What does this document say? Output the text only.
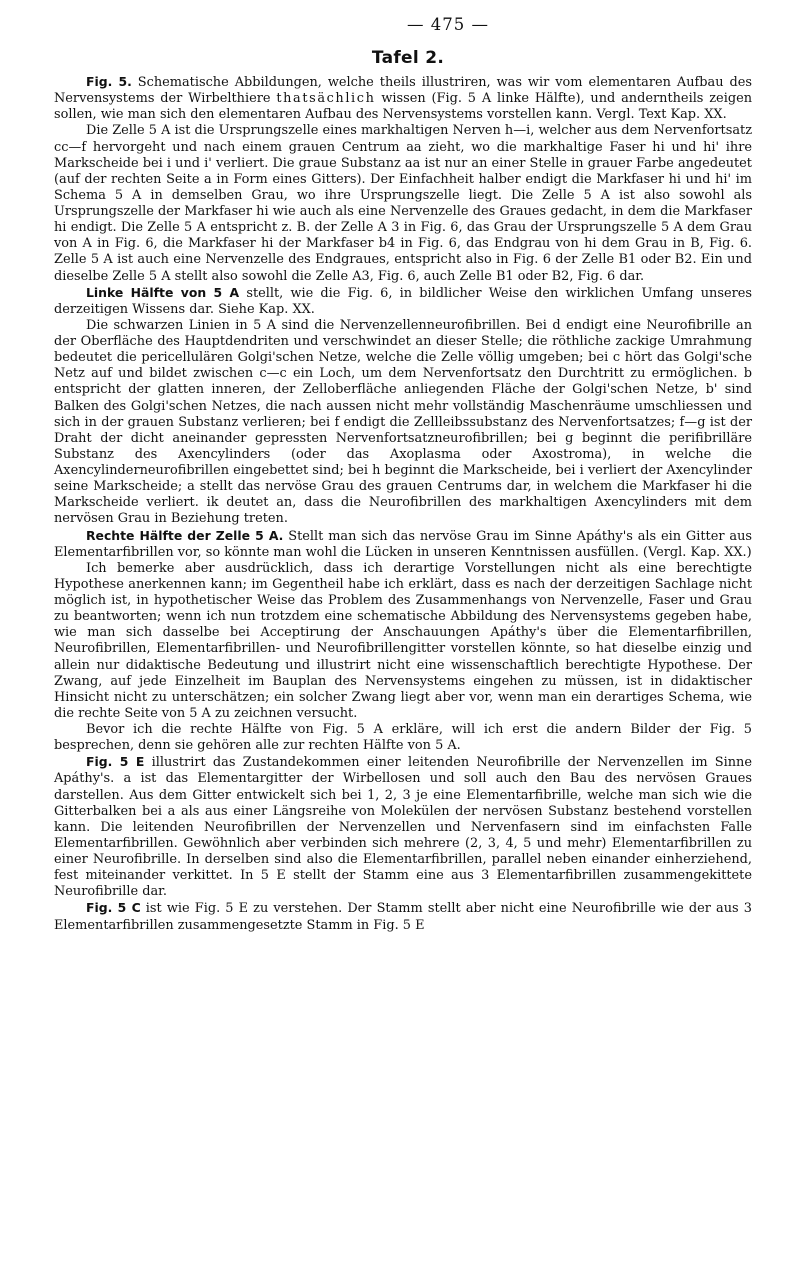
— 475 —
Tafel 2.

Fig. 5. Schematische Abbildungen, welche theils illustriren, was wir vom elementaren Aufbau des Nervensystems der Wirbelthiere thatsächlich wissen (Fig. 5 A linke Hälfte), und anderntheils zeigen sollen, wie man sich den elementaren Aufbau des Nervensystems vorstellen kann. Vergl. Text Kap. XX.

Die Zelle 5 A ist die Ursprungszelle eines markhaltigen Nerven h—i, welcher aus dem Nervenfortsatz cc—f hervorgeht und nach einem grauen Centrum aa zieht, wo die markhaltige Faser hi und hi' ihre Markscheide bei i und i' verliert. Die graue Substanz aa ist nur an einer Stelle in grauer Farbe angedeutet (auf der rechten Seite a in Form eines Gitters). Der Einfachheit halber endigt die Markfaser hi und hi' im Schema 5 A in demselben Grau, wo ihre Ursprungszelle liegt. Die Zelle 5 A ist also sowohl als Ursprungszelle der Markfaser hi wie auch als eine Nervenzelle des Graues gedacht, in dem die Markfaser hi endigt. Die Zelle 5 A entspricht z. B. der Zelle A 3 in Fig. 6, das Grau der Ursprungszelle 5 A dem Grau von A in Fig. 6, die Markfaser hi der Markfaser b4 in Fig. 6, das Endgrau von hi dem Grau in B, Fig. 6. Zelle 5 A ist auch eine Nervenzelle des Endgraues, entspricht also in Fig. 6 der Zelle B1 oder B2. Ein und dieselbe Zelle 5 A stellt also sowohl die Zelle A3, Fig. 6, auch Zelle B1 oder B2, Fig. 6 dar.

Linke Hälfte von 5 A stellt, wie die Fig. 6, in bildlicher Weise den wirklichen Umfang unseres derzeitigen Wissens dar. Siehe Kap. XX.

Die schwarzen Linien in 5 A sind die Nervenzellenneurofibrillen. Bei d endigt eine Neurofibrille an der Oberfläche des Hauptdendriten und verschwindet an dieser Stelle; die röthliche zackige Umrahmung bedeutet die pericellulären Golgi'schen Netze, welche die Zelle völlig umgeben; bei c hört das Golgi'sche Netz auf und bildet zwischen c—c ein Loch, um dem Nervenfortsatz den Durchtritt zu ermöglichen. b entspricht der glatten inneren, der Zelloberfläche anliegenden Fläche der Golgi'schen Netze, b' sind Balken des Golgi'schen Netzes, die nach aussen nicht mehr vollständig Maschenräume umschliessen und sich in der grauen Substanz verlieren; bei f endigt die Zellleibssubstanz des Nervenfortsatzes; f—g ist der Draht der dicht aneinander gepressten Nervenfortsatzneurofibrillen; bei g beginnt die perifibrilläre Substanz des Axencylinders (oder das Axoplasma oder Axostroma), in welche die Axencylinderneurofibrillen eingebettet sind; bei h beginnt die Markscheide, bei i verliert der Axencylinder seine Markscheide; a stellt das nervöse Grau des grauen Centrums dar, in welchem die Markfaser hi die Markscheide verliert. ik deutet an, dass die Neurofibrillen des markhaltigen Axencylinders mit dem nervösen Grau in Beziehung treten.

Rechte Hälfte der Zelle 5 A. Stellt man sich das nervöse Grau im Sinne Apáthy's als ein Gitter aus Elementarfibrillen vor, so könnte man wohl die Lücken in unseren Kenntnissen ausfüllen. (Vergl. Kap. XX.)

Ich bemerke aber ausdrücklich, dass ich derartige Vorstellungen nicht als eine berechtigte Hypothese anerkennen kann; im Gegentheil habe ich erklärt, dass es nach der derzeitigen Sachlage nicht möglich ist, in hypothetischer Weise das Problem des Zusammenhangs von Nervenzelle, Faser und Grau zu beantworten; wenn ich nun trotzdem eine schematische Abbildung des Nervensystems gegeben habe, wie man sich dasselbe bei Acceptirung der Anschauungen Apáthy's über die Elementarfibrillen, Neurofibrillen, Elementarfibrillen- und Neurofibrillengitter vorstellen könnte, so hat dieselbe einzig und allein nur didaktische Bedeutung und illustrirt nicht eine wissenschaftlich berechtigte Hypothese. Der Zwang, auf jede Einzelheit im Bauplan des Nervensystems eingehen zu müssen, ist in didaktischer Hinsicht nicht zu unterschätzen; ein solcher Zwang liegt aber vor, wenn man ein derartiges Schema, wie die rechte Seite von 5 A zu zeichnen versucht.

Bevor ich die rechte Hälfte von Fig. 5 A erkläre, will ich erst die andern Bilder der Fig. 5 besprechen, denn sie gehören alle zur rechten Hälfte von 5 A.

Fig. 5 E illustrirt das Zustandekommen einer leitenden Neurofibrille der Nervenzellen im Sinne Apáthy's. a ist das Elementargitter der Wirbellosen und soll auch den Bau des nervösen Graues darstellen. Aus dem Gitter entwickelt sich bei 1, 2, 3 je eine Elementarfibrille, welche man sich wie die Gitterbalken bei a als aus einer Längsreihe von Molekülen der nervösen Substanz bestehend vorstellen kann. Die leitenden Neurofibrillen der Nervenzellen und Nervenfasern sind im einfachsten Falle Elementarfibrillen. Gewöhnlich aber verbinden sich mehrere (2, 3, 4, 5 und mehr) Elementarfibrillen zu einer Neurofibrille. In derselben sind also die Elementarfibrillen, parallel neben einander einherziehend, fest miteinander verkittet. In 5 E stellt der Stamm eine aus 3 Elementarfibrillen zusammengekittete Neurofibrille dar.

Fig. 5 C ist wie Fig. 5 E zu verstehen. Der Stamm stellt aber nicht eine Neurofibrille wie der aus 3 Elementarfibrillen zusammengesetzte Stamm in Fig. 5 E
